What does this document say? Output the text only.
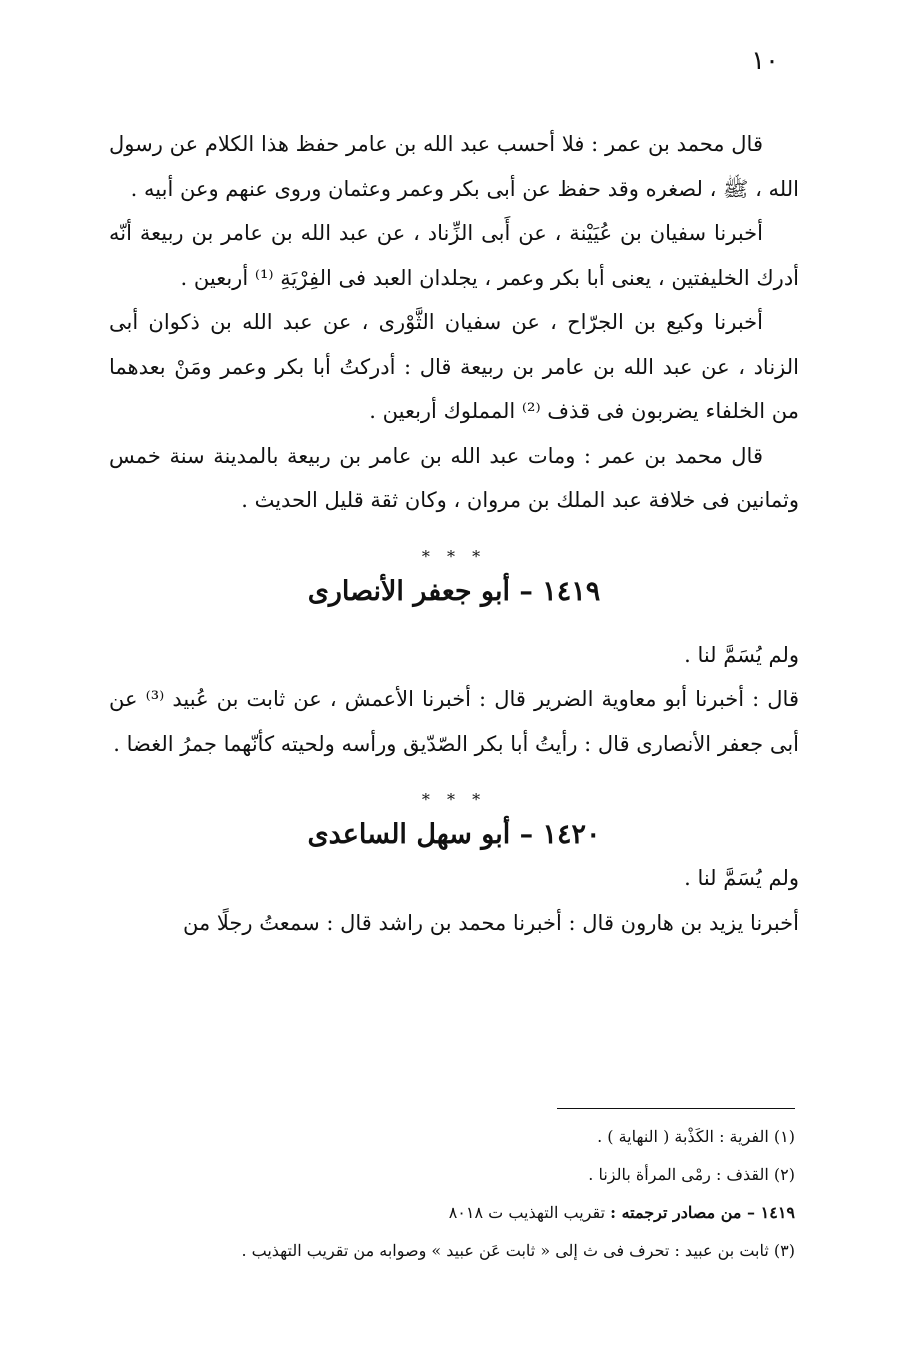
١٠

قال محمد بن عمر : فلا أحسب عبد الله بن عامر حفظ هذا الكلام عن رسول الله ، ﷺ ، لصغره وقد حفظ عن أبى بكر وعمر وعثمان وروى عنهم وعن أبيه .

أخبرنا سفيان بن عُيَيْنة ، عن أَبى الزِّناد ، عن عبد الله بن عامر بن ربيعة أنّه أدرك الخليفتين ، يعنى أبا بكر وعمر ، يجلدان العبد فى الفِرْيَةِ ⁽¹⁾ أربعين .

أخبرنا وكيع بن الجرّاح ، عن سفيان الثَّوْرى ، عن عبد الله بن ذكوان أبى الزناد ، عن عبد الله بن عامر بن ربيعة قال : أدركتُ أبا بكر وعمر ومَنْ بعدهما من الخلفاء يضربون فى قذف ⁽²⁾ المملوك أربعين .

قال محمد بن عمر : ومات عبد الله بن عامر بن ربيعة بالمدينة سنة خمس وثمانين فى خلافة عبد الملك بن مروان ، وكان ثقة قليل الحديث .

* * *
١٤١٩ – أبو جعفر الأنصارى

ولم يُسَمَّ لنا .

قال : أخبرنا أبو معاوية الضرير قال : أخبرنا الأعمش ، عن ثابت بن عُبيد ⁽³⁾ عن أبى جعفر الأنصارى قال : رأيتُ أبا بكر الصّدّيق ورأسه ولحيته كأنّهما جمرُ الغضا .

* * *
١٤٢٠ – أبو سهل الساعدى

ولم يُسَمَّ لنا .

أخبرنا يزيد بن هارون قال : أخبرنا محمد بن راشد قال : سمعتُ رجلًا من

(١) الفرية : الكَذْبة ( النهاية ) .

(٢) القذف : رمْى المرأة بالزنا .

١٤١٩ – من مصادر ترجمته : تقريب التهذيب ت ٨٠١٨

(٣) ثابت بن عبيد : تحرف فى ث إلى « ثابت عَن عبيد » وصوابه من تقريب التهذيب .
